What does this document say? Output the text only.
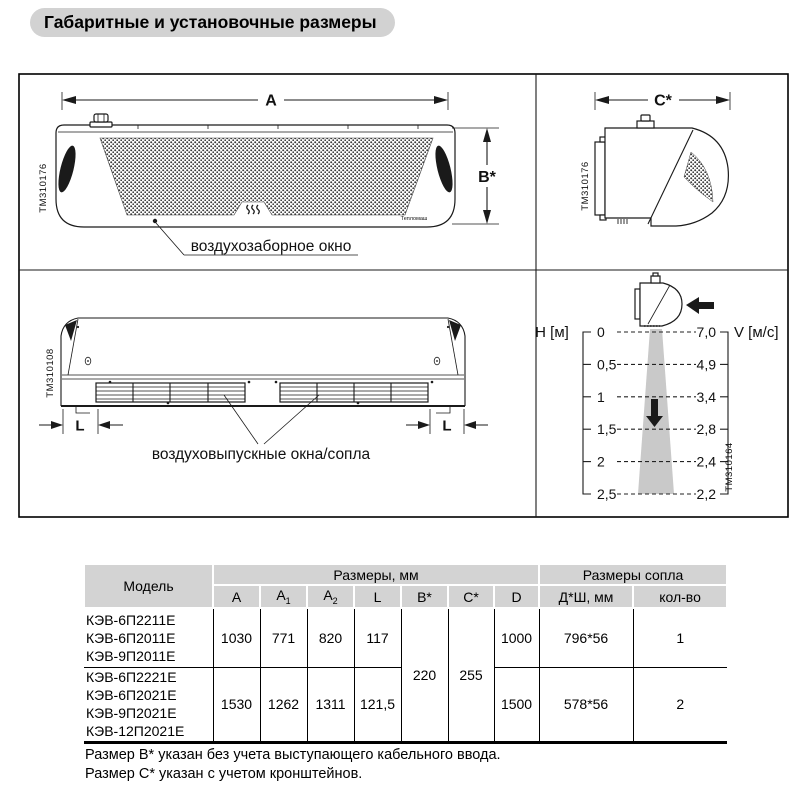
Габаритные и установочные размеры
A
Тепломаш
воздухозаборное окно
ТМ310176	B*
C*
ТМ310176
L	L
воздуховыпускные окна/сопла
ТМ310108
H [м]	V [м/с]
0
0,5
1
1,5
2
2,5
7,0
4,9
3,4
2,8
2,4
2,2
ТМ310164
Модель	Размеры, мм							Размеры сопла	
	А	$А_1$	$А_2$	L	B*	C*	D	Д*Ш, мм	кол-во

КЭВ-6П2211Е
КЭВ-6П2011Е
КЭВ-9П2011Е	1030	771	820	117	220	255	1000	796*56	1

КЭВ-6П2221Е
КЭВ-6П2021Е
КЭВ-9П2021Е
КЭВ-12П2021Е	1530	1262	1311	121,5			1500	578*56	2
Размер В* указан без учета выступающего кабельного ввода.
Размер С* указан с учетом кронштейнов.
